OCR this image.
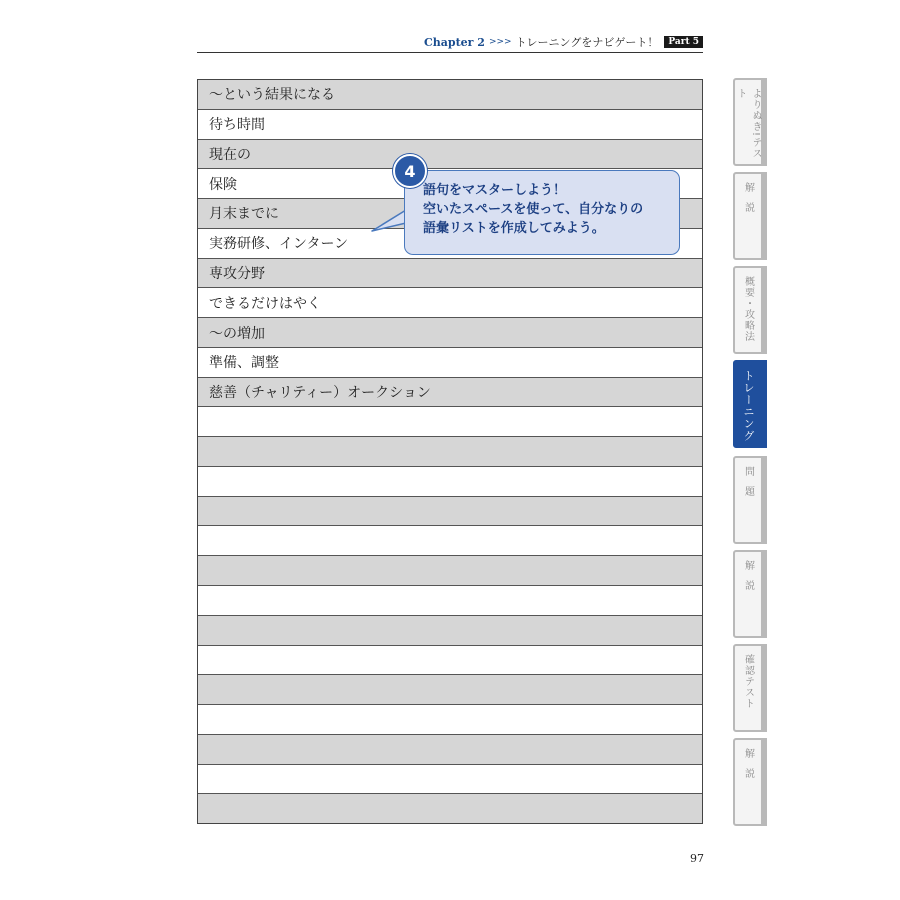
Chapter 2 >>> トレーニングをナビゲート！	Part 5
～という結果になる
待ち時間
現在の
保険
月末までに
実務研修、インターン
専攻分野
できるだけはやく
～の増加
準備、調整
慈善（チャリティー）オークション
語句をマスターしよう！
空いたスペースを使って、自分なりの
語彙リストを作成してみよう。
4
よりぬき!テスト
解説
概要・攻略法
トレーニング
問題
解説
確認テスト
解説
97
